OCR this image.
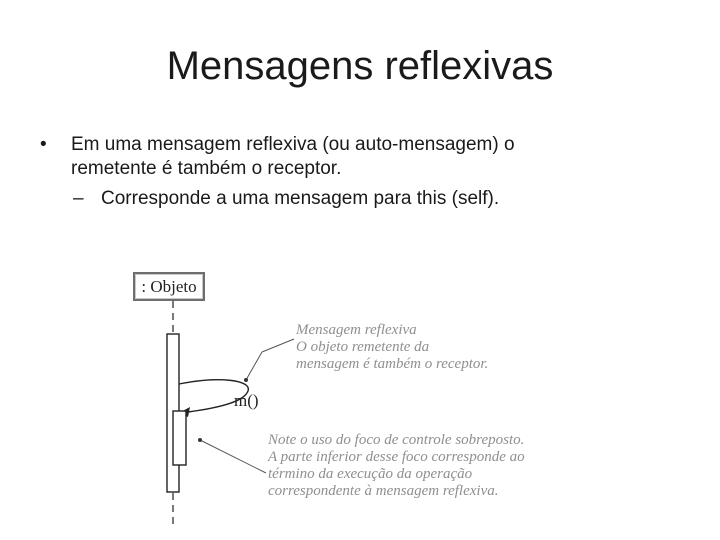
Mensagens reflexivas
• Em uma mensagem reflexiva (ou auto-mensagem) o
remetente é também o receptor.
– Corresponde a uma mensagem para this (self).
: Objeto
m()
Mensagem reflexiva
O objeto remetente da
mensagem é também o receptor.
Note o uso do foco de controle sobreposto.
A parte inferior desse foco corresponde ao
término da execução da operação
correspondente à mensagem reflexiva.
